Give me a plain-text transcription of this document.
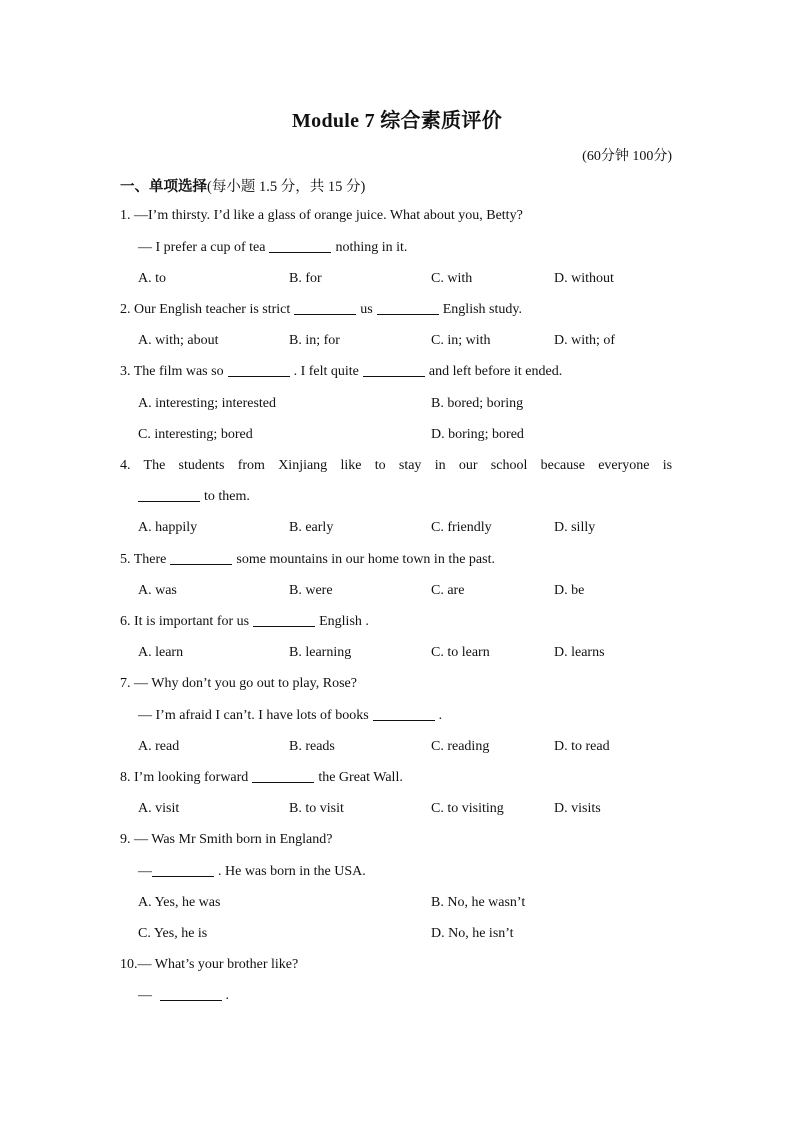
Module 7 综合素质评价
(60分钟 100分)
一、单项选择(每小题 1.5 分，共 15 分)
1. —I’m thirsty. I’d like a glass of orange juice. What about you, Betty?
— I prefer a cup of tea	nothing in it.
A. to	B. for	C. with	D. without
2. Our English teacher is strict	us	English study.
A. with; about	B. in; for	C. in; with	D. with; of
3. The film was so	. I felt quite	and left before it ended.
A. interesting; interested	B. bored; boring
C. interesting; bored	D. boring; bored
4. The students from Xinjiang like to stay in our school because everyone is
to them.
A. happily	B. early	C. friendly	D. silly
5. There	some mountains in our home town in the past.
A. was	B. were	C. are	D. be
6. It is important for us	English .
A. learn	B. learning	C. to learn	D. learns
7. — Why don’t you go out to play, Rose?
— I’m afraid I can’t. I have lots of books	.
A. read	B. reads	C. reading	D. to read
8. I’m looking forward	the Great Wall.
A. visit	B. to visit	C. to visiting	D. visits
9. — Was Mr Smith born in England?
—	. He was born in the USA.
A. Yes, he was	B. No, he wasn’t
C. Yes, he is	D. No, he isn’t
10.— What’s your brother like?
—	.
